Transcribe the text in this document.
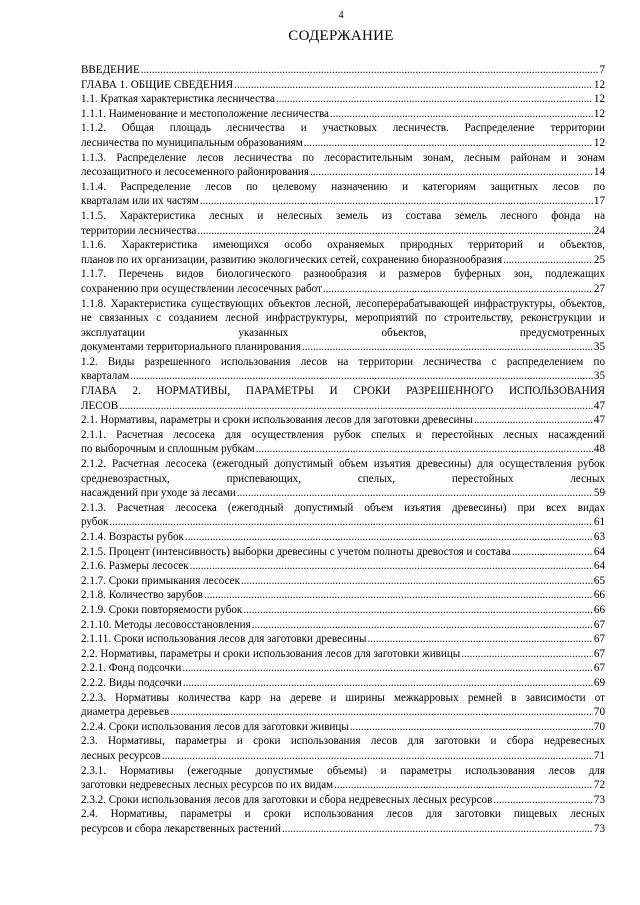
4
СОДЕРЖАНИЕ
ВВЕДЕНИЕ .....	7
ГЛАВА 1. ОБЩИЕ СВЕДЕНИЯ .....	12
1.1. Краткая характеристика лесничества .....	12
1.1.1. Наименование и местоположение лесничества .....	12
1.1.2. Общая площадь лесничества и участковых лесничеств. Распределение территории
лесничества по муниципальным образованиям .....	12
1.1.3. Распределение лесов лесничества по лесорастительным зонам, лесным районам и зонам
лесозащитного и лесосеменного районирования .....	14
1.1.4. Распределение лесов по целевому назначению и категориям защитных лесов по
кварталам или их частям .....	17
1.1.5. Характеристика лесных и нелесных земель из состава земель лесного фонда на
территории лесничества .....	24
1.1.6. Характеристика имеющихся особо охраняемых природных территорий и объектов,
планов по их организации, развитию экологических сетей, сохранению биоразнообразия .....	25
1.1.7. Перечень видов биологического разнообразия и размеров буферных зон, подлежащих
сохранению при осуществлении лесосечных работ .....	27
1.1.8. Характеристика существующих объектов лесной, лесоперерабатывающей инфраструктуры, объектов, не связанных с созданием лесной инфраструктуры, мероприятий по строительству, реконструкции и эксплуатации указанных объектов, предусмотренных
документами территориального планирования .....	35
1.2. Виды разрешенного использования лесов на территории лесничества с распределением по
кварталам .....	35
ГЛАВА 2. НОРМАТИВЫ, ПАРАМЕТРЫ И СРОКИ РАЗРЕШЕННОГО ИСПОЛЬЗОВАНИЯ
ЛЕСОВ .....	47
2.1. Нормативы, параметры и сроки использования лесов для заготовки древесины .....	47
2.1.1. Расчетная лесосека для осуществления рубок спелых и перестойных лесных насаждений
по выборочным и сплошным рубкам .....	48
2.1.2. Расчетная лесосека (ежегодный допустимый объем изъятия древесины) для осуществления рубок средневозрастных, приспевающих, спелых, перестойных лесных
насаждений при уходе за лесами .....	59
2.1.3. Расчетная лесосека (ежегодный допустимый объем изъятия древесины) при всех видах
рубок .....	61
2.1.4. Возрасты рубок .....	63
2.1.5. Процент (интенсивность) выборки древесины с учетом полноты древостоя и состава .....	64
2.1.6. Размеры лесосек .....	64
2.1.7. Сроки примыкания лесосек .....	65
2.1.8. Количество зарубов .....	66
2.1.9. Сроки повторяемости рубок .....	66
2.1.10. Методы лесовосстановления .....	67
2.1.11. Сроки использования лесов для заготовки древесины .....	67
2.2. Нормативы, параметры и сроки использования лесов для заготовки живицы .....	67
2.2.1. Фонд подсочки .....	67
2.2.2. Виды подсочки .....	69
2.2.3. Нормативы количества карр на дереве и ширины межкарровых ремней в зависимости от
диаметра деревьев .....	70
2.2.4. Сроки использования лесов для заготовки живицы .....	70
2.3. Нормативы, параметры и сроки использования лесов для заготовки и сбора недревесных
лесных ресурсов .....	71
2.3.1. Нормативы (ежегодные допустимые объемы) и параметры использования лесов для
заготовки недревесных лесных ресурсов по их видам .....	72
2.3.2. Сроки использования лесов для заготовки и сбора недревесных лесных ресурсов .....	73
2.4. Нормативы, параметры и сроки использования лесов для заготовки пищевых лесных
ресурсов и сбора лекарственных растений .....	73
